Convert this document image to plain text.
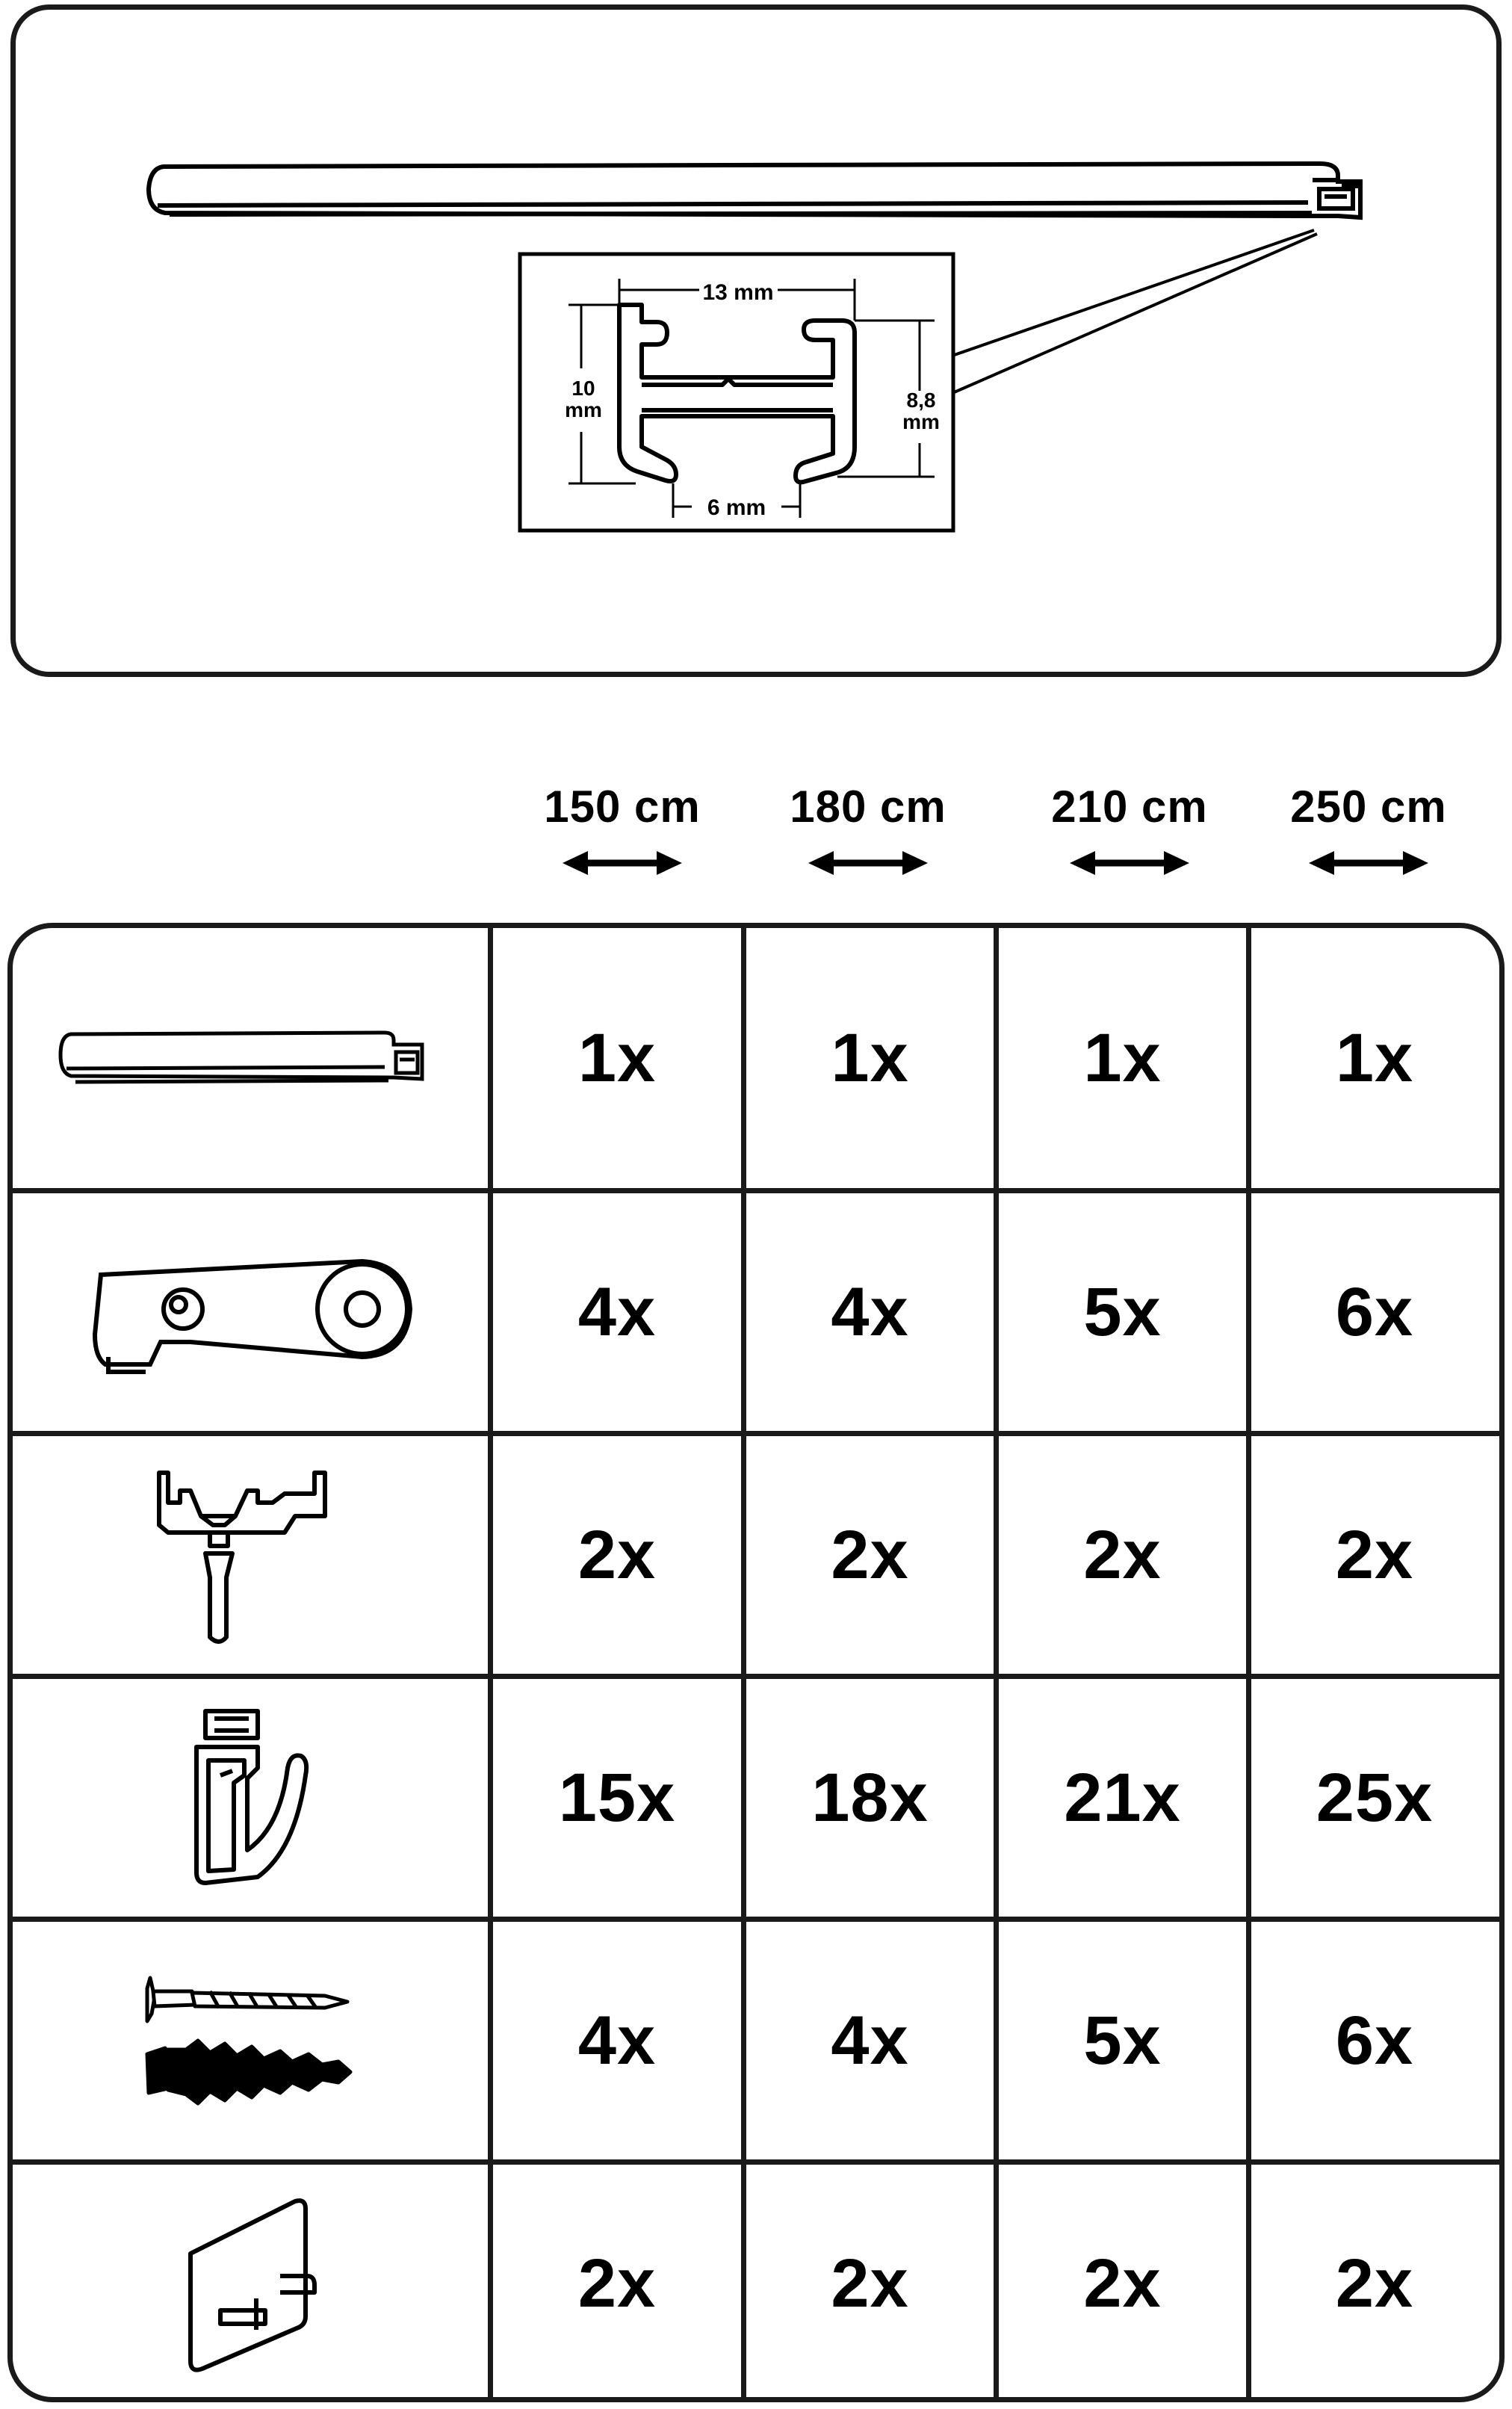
13 mm
10
mm	8,8
mm
6 mm
150 cm	180 cm	210 cm	250 cm
1x	1x	1x	1x
4x	4x	5x	6x
2x	2x	2x	2x
15x 18x 21x 25x
4x	4x	5x	6x
2x	2x	2x	2x
